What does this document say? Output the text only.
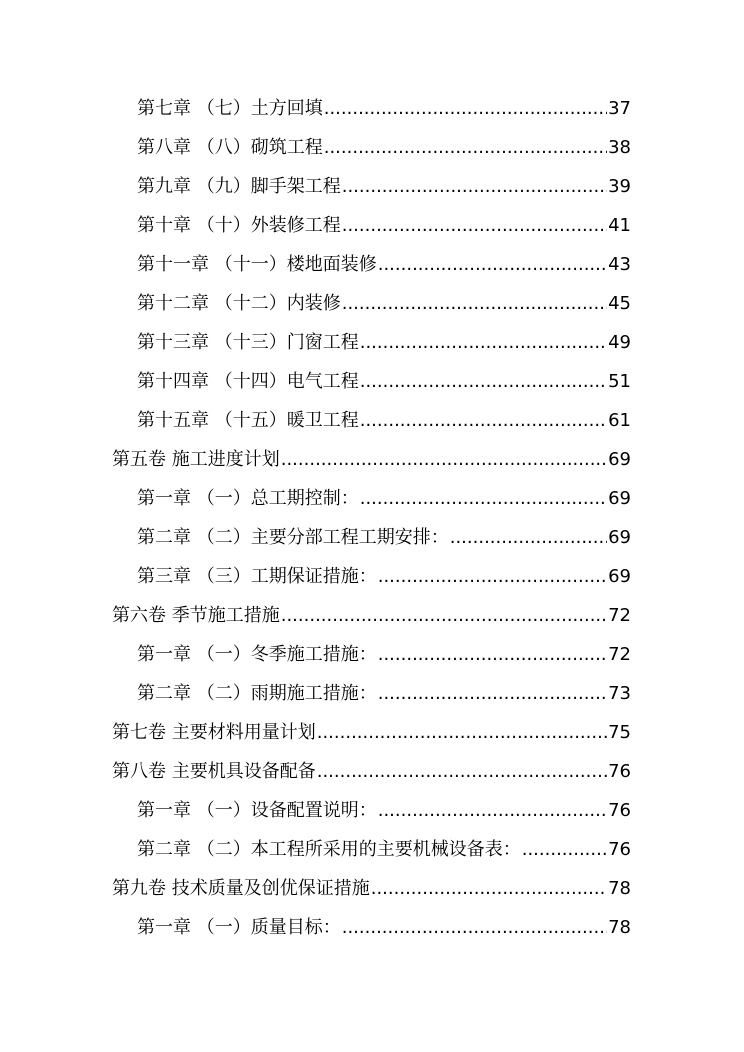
第七章 （七）土方回填 .....	37
第八章 （八）砌筑工程 .....	38
第九章 （九）脚手架工程 .....	39
第十章 （十）外装修工程 .....	41
第十一章 （十一）楼地面装修 .....	43
第十二章 （十二）内装修 .....	45
第十三章 （十三）门窗工程 .....	49
第十四章 （十四）电气工程 .....	51
第十五章 （十五）暖卫工程 .....	61
第五卷 施工进度计划 .....	69
第一章 （一）总工期控制： .....	69
第二章 （二）主要分部工程工期安排： .....	69
第三章 （三）工期保证措施： .....	69
第六卷 季节施工措施 .....	72
第一章 （一）冬季施工措施： .....	72
第二章 （二）雨期施工措施： .....	73
第七卷 主要材料用量计划 .....	75
第八卷 主要机具设备配备 .....	76
第一章 （一）设备配置说明： .....	76
第二章 （二）本工程所采用的主要机械设备表： .....	76
第九卷 技术质量及创优保证措施 .....	78
第一章 （一）质量目标： .....	78
